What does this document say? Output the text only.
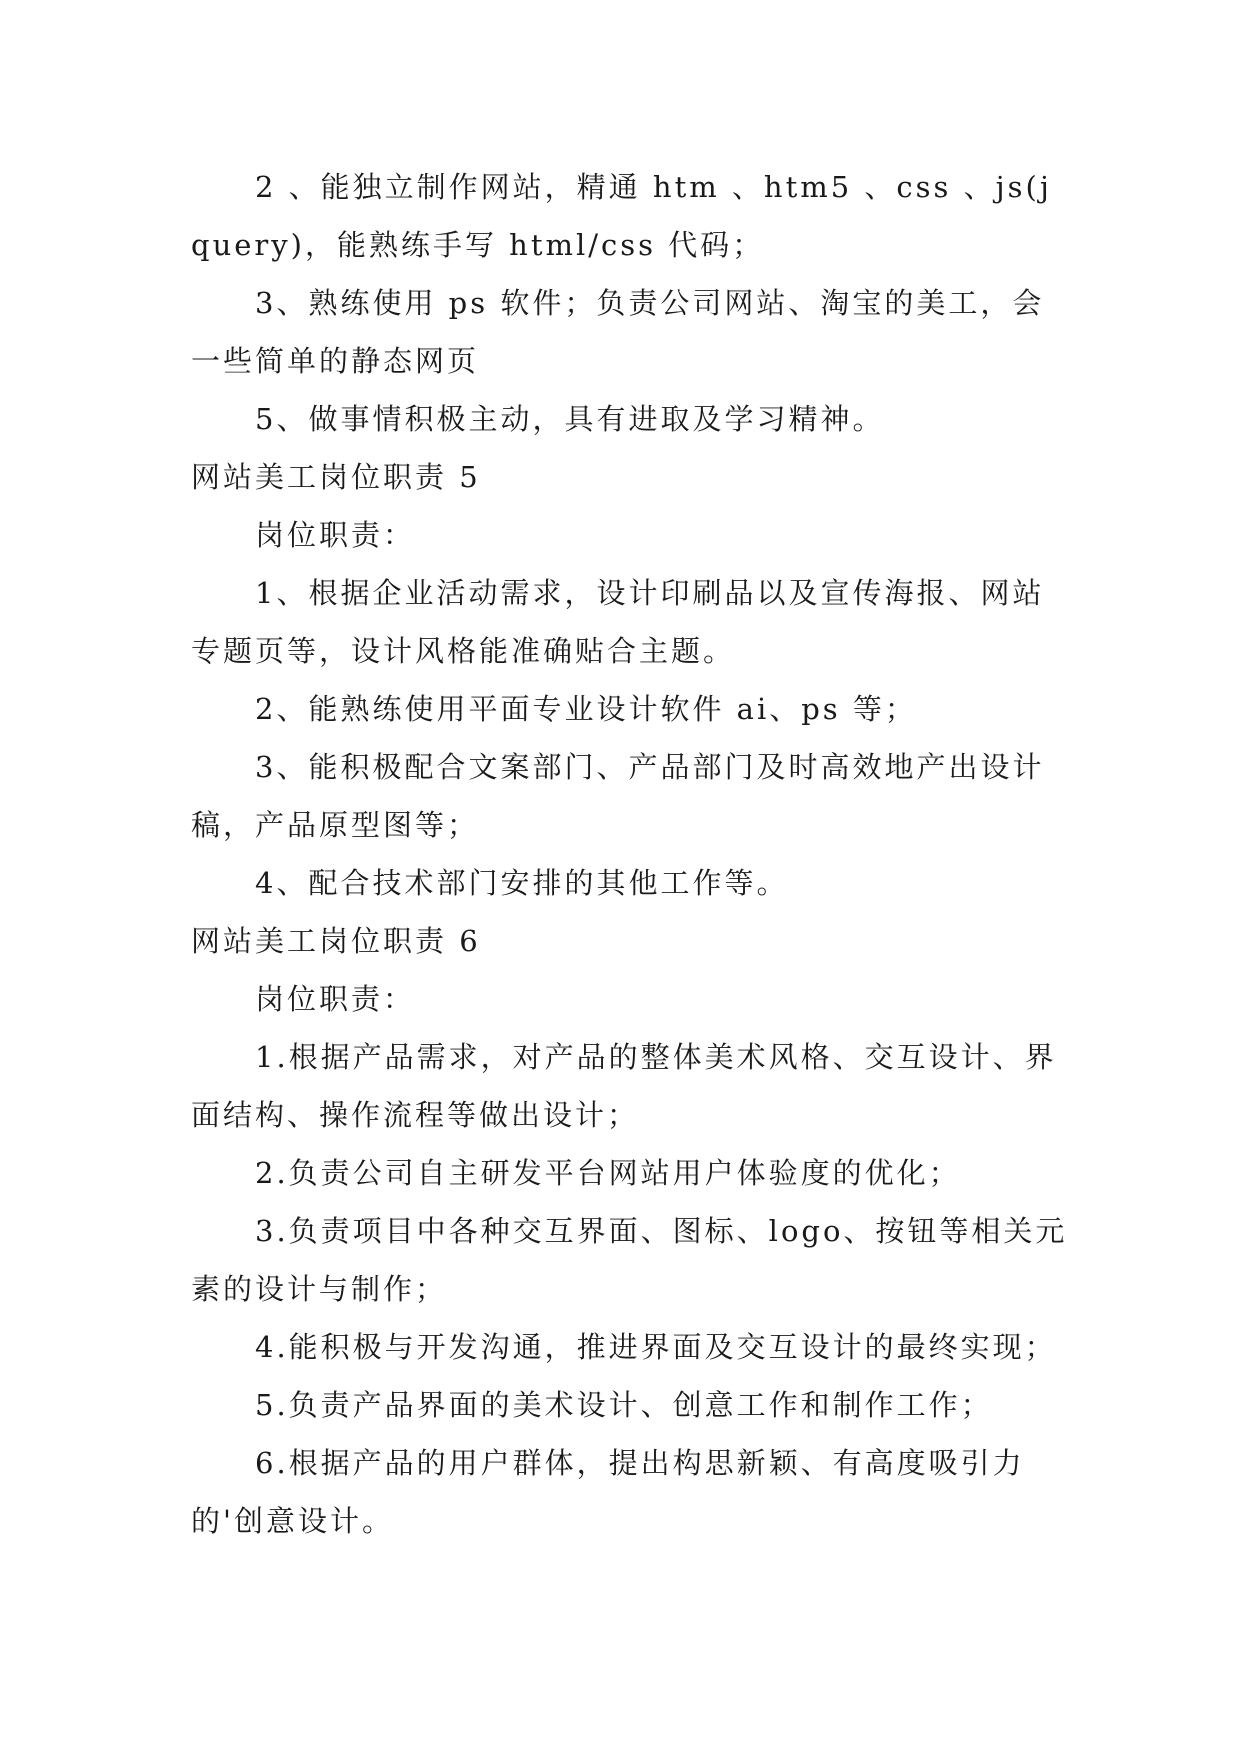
2 、能独立制作网站，精通 htm 、htm5 、css 、js(jquery)，能熟练手写 html/css 代码；

3、熟练使用 ps 软件；负责公司网站、淘宝的美工，会一些简单的静态网页

5、做事情积极主动，具有进取及学习精神。

网站美工岗位职责 5

岗位职责：

1、根据企业活动需求，设计印刷品以及宣传海报、网站专题页等，设计风格能准确贴合主题。

2、能熟练使用平面专业设计软件 ai、ps 等；

3、能积极配合文案部门、产品部门及时高效地产出设计稿，产品原型图等；

4、配合技术部门安排的其他工作等。

网站美工岗位职责 6

岗位职责：

1.根据产品需求，对产品的整体美术风格、交互设计、界面结构、操作流程等做出设计；

2.负责公司自主研发平台网站用户体验度的优化；

3.负责项目中各种交互界面、图标、logo、按钮等相关元素的设计与制作；

4.能积极与开发沟通，推进界面及交互设计的最终实现；

5.负责产品界面的美术设计、创意工作和制作工作；

6.根据产品的用户群体，提出构思新颖、有高度吸引力的'创意设计。
